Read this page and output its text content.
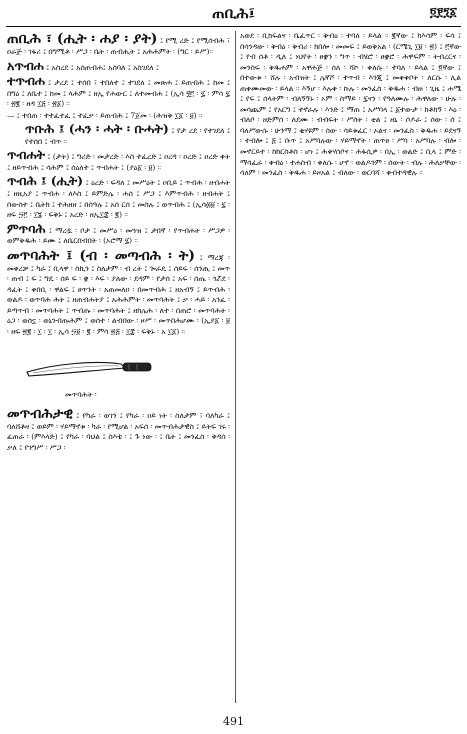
ጠቢሕ፤	፬፻፺፩
ጠቢሕ ፣ (ሒት ፡ ሐያ ፡ ያት) ፤ የሚ ረድ ፤ የሚሰብሕ ፣ ዐራጅ ፡ ገፋሪ ፤ በግሚቶ ፡ ሥጋ ፡ ቤት ፡ ጠብሒት ፤ አሕሕምት ፡ (ግር ፡ ይሥ)።
አጥብሐ ፤ አስረደ ፤ አስጠብሐ፤ አስባለ ፤ አስገደለ ፤
ተጥብሐ ፤ ታረደ ፤ ተሰበ ፣ ተበለተ ፤ ተገደለ ፤ መጽሐ ፤ ይጠብሕ ፤ ከመ ፤ በግዕ ፤ ለቤተ ፤ ከመ ፤ ላሕም ፤ ዘኢ የሐውር ፤ ለተመብሐ ፤ (ኢሳ ፶፫ ፡ ፯ ፡ ምሳ ፯ ፡ ፳፪ ፡ ዘዳ ፲፭ ፡ ፳፩) ።
— ፤ ተበጠ ፡ ተተፈተፈ ፤ ተፈቃ ፡ ይጠብሕ ፤ 7ጀመ ፡ (ሕዝቅ ፲፩ ፡ ፱) ።
ጥቡሕ ፤ (ሓን ፡ ሓት ፡ ቡሓት) ፤ የታ ረደ ፡ የተገደለ ፤ የተሰበ ፤ ብጥ ።
ጥብሐት ፤ (ታት) ፤ ግሪድ ፡ መታረድ ፡ እስ ተፈረድ ፤ ዐረዳ ፡ ዐረድ ፤ ዐረድ ቀት ፤ ዘይጥብሕ ፤ ሳሕም ፤ ሰዕለተ ፤ ጥብሐት ፤ (ያዕ፩ ፡ ፱) ።
ጥብሕ ፤ (ሒት) ፤ ዕረድ ፡ ፍዳለ ፤ መሥዕት ፤ ዐቢይ ፤ ጥብሕ ፡ ዘብሐት ፤ ዘዚአያ ፤ ጥብሐ ፡ ለእስ ፤ ይምድሌ ፡ ሐሰ ፤ ሥጋ ፤ እምጥብሕ ፡ ዘብሐት ፤ በውስተ ፤ ቤትክ ፤ ተሕዘዘ ፤ በሰዓሉ ፤ አሰ ርሰ ፤ መስሉ ፤ ወጥብሕ ፤ (ኢሳ፴፱ ፡ ፯ ፡ ዘፍ ፵፫ ፡ ፲፮ ፡ ፍቅኑ ፤ አረድ ፡ ዘኢ፲፰ ፡ ፪) ።
ምጥባሕ ፤ ማረዷ ፡ ቦታ ፤ መሥዕ ፡ መጓዝ ፤ ታበኛ ፡ የጥብሐት ፡ ሥጋዎ ፡ ወምቅዱሕ ፡ ይሙ ፤ ለቤርበብበት ፡ (ኦሮማ ፯) ።
መጥባሕት ፤ (ብ ፡ መጣብሕ ፡ ት) ፤ ማረጃ ፡ መቀረቻ ፤ ካራ ፤ ቢላዋ ፡ ስኪን ፤ ስለታም ፡ ብ ረት ፤ ጐራዴ ፤ ሰይፍ ፡ ሰንጢ ፤ መጥ ፡ ጠብ ፤ ፍ ፤ ግዴ ፡ ሰይ ፍ ፡ ቋ ፡ እፍ ፡ ያለው ፡ ደዳም ፡ የታሰ ፤ አፍ ፡ ሰጤ ፡ ጎሯደ ፡ ዳፈት ፤ ቀበቢ ፡ ዋልፍ ፤ ፀጥንት ፡ አጠመለዐ ፡ በመጥብሕ ፤ ዘአብኝ ፤ ይጥብሕ ፡ ወልዶ ፡ ወጥባሕ ሕት ፤ ዘጠብሐትያ ፤ አሕሕምት ፡ መጥባሕት ፤ ቃ ፡ ሓይ ፡ አንፈ ፡ ይጣጥብ ፡ መጥባሕት ፤ ጥብጡ ፡ መጥባሕት ፤ ዘክሌሕ ፡ ለተ ፡ በጠሮ ፡ መጥባሕት ፡ ዕጋ ፡ ወስኗ ፡ ወኒንብጡሕም ፤ ወሰተ ፡ ልብበው ፡ ዞሥ ፡ መጥበሕሆሙ ፡ (ኢያ፩ ፡ ፱ ፡ ዘፍ ፳፪ ፡ ፲ ፡ ፲ ፡ ኢሳ ፵፱ ፡ ፪ ፡ ምሳ ፳፭ ፡ ፲፰ ፡ ፍቅኑ ፡ አ ፲፩) ።
መጥባሕት ፡
መጥብሕታዊ ፤ የካራ ፡ ወገን ፤ የካራ ፡ ዐይ ነት ፡ ስለታም ፣ ባለካራ ፤ ባለሸቶዛ ፤ ወይም ፡ ሃይማኖቱ ፡ ካራ ፡ የሚሆል ፡ አፍሰ ፡ መጥብሕታዊስ ፤ ይትፍ ገሩ ፡ ፈጠራ ፡ (ምእላድ) ፤ የካራ ፡ ባህል ፤ ስእቴ ፡ ፤ ጉ ነው ፡ ፤ ቤት ፤ መንፈስ ፡ ቅዳሰ ፡ ቃለ ፤ የንግሥ ፡ ሥጋ ፡
አወደ ፡ ቢክፍልና ፡ ቤፈጥር ፡ ቅብዕ ፡ ተባለ ፡ ይላል ። ፪ኛው ፤ ክእሳም ፡ ፍሳ ፤ በሳንዳው ፡ ቅብዕ ፡ ቅብሪ ፡ ክበሎ ፡ መመፍ ፤ ይወቅአል ፡ (ርሜጊ ፲፱ ፡ ፳) ፤ ፫ኛው ፤ የብ ሰቶ ፡ ዲለ ፤ ነህየት ፡ ፀቋን ፡ ግጥ ፡ ብሄሮ ፡ ፀቋሮ ፡ ሕዋፍም ፡ ትብረርና ፡ መንስፍ ፡ ቅዱሐም ፡ አዋሐጅ ፡ ሰለ ፡ ሻኮ ፡ ቀለሱ ፡ ተባለ ፡ ይላል ፤ ፬ኛው ፤ በተውቱ ፡ ሸሉ ፡ አብዝት ፤ ሌኛሾ ፡ ተጥብ ፡ እንጂ ፤ መቀቀቦት ፡ ለርሱ ፡ ሊል ጠቀሙመው ፡ ይላል ። እኝሆ ፡ እሉቀ ፡ ኩሉ ፡ መንፈስ ፡ ቅዱሐ ፡ ብዙ ፡ ጊዜ ፤ ሐሜ ፤ የፍ ፤ ሰላትም ፡ ብለኝኝኑ ፡ ኦም ፡ ስማይ ፡ ፯ናን ፡ የዓለሙሉ ፡ ሕዋለው ፡ ሁሉ ፡ መሳጨም ፤ የአርግ ፤ ተኖራሉ ፡ እንድ ፤ ማጠ ፤ አሥባላ ፤ ፩ተውታ ፡ ከቶክኝ ፡ እዕ ፡ ብለቦ ፡ ዘድምሰ ፡ ለደሙ ፡ ብብፍት ፡ ሥሰት ፡ ቲል ፤ ዘኒ ፡ ሶዶራ ፤ ሰው ፡ ሰ ፤ ባለሥውሱ ፡ ሁንማ ፤ ቂሃዩም ፡ ሰው ፡ ሳይቱፈር ፡ ኦልና ፡ መንፈስ ፡ ቅዱሐ ፡ ይደናኝ ፡ ተብሎ ፤ ፭ ፤ ቡጥ ፤ አሥባሉው ፡ ሃይማኖት ፡ ጠጥፀ ፡ ሥባ ፡ አሥባሉ ፡ ብሎ ፡ መኖርይተ ፡ ከክርስቶስ ፡ ሆነ ፤ ሕቀሃሰቦና ፡ ሕፋሲዎ ፡ በኢ ፡ ወልድ ፤ ቢላ ፤ ምድ ፡ ማሳፈራ ፡ ቀብዕ ፡ ተሐስብ ፡ ቀለሱ ፡ ሆኖ ፡ ወልዶንም ፡ ሰውት ፡ ብሉ ፡ ሕለቃቸው ፡ ሳለም ፡ መንፈስ ፡ ቅዱሐ ፡ ይዞአል ፤ ብለው ፡ ወርባሻ ፡ ቀብተዳዊሉ ።
491
